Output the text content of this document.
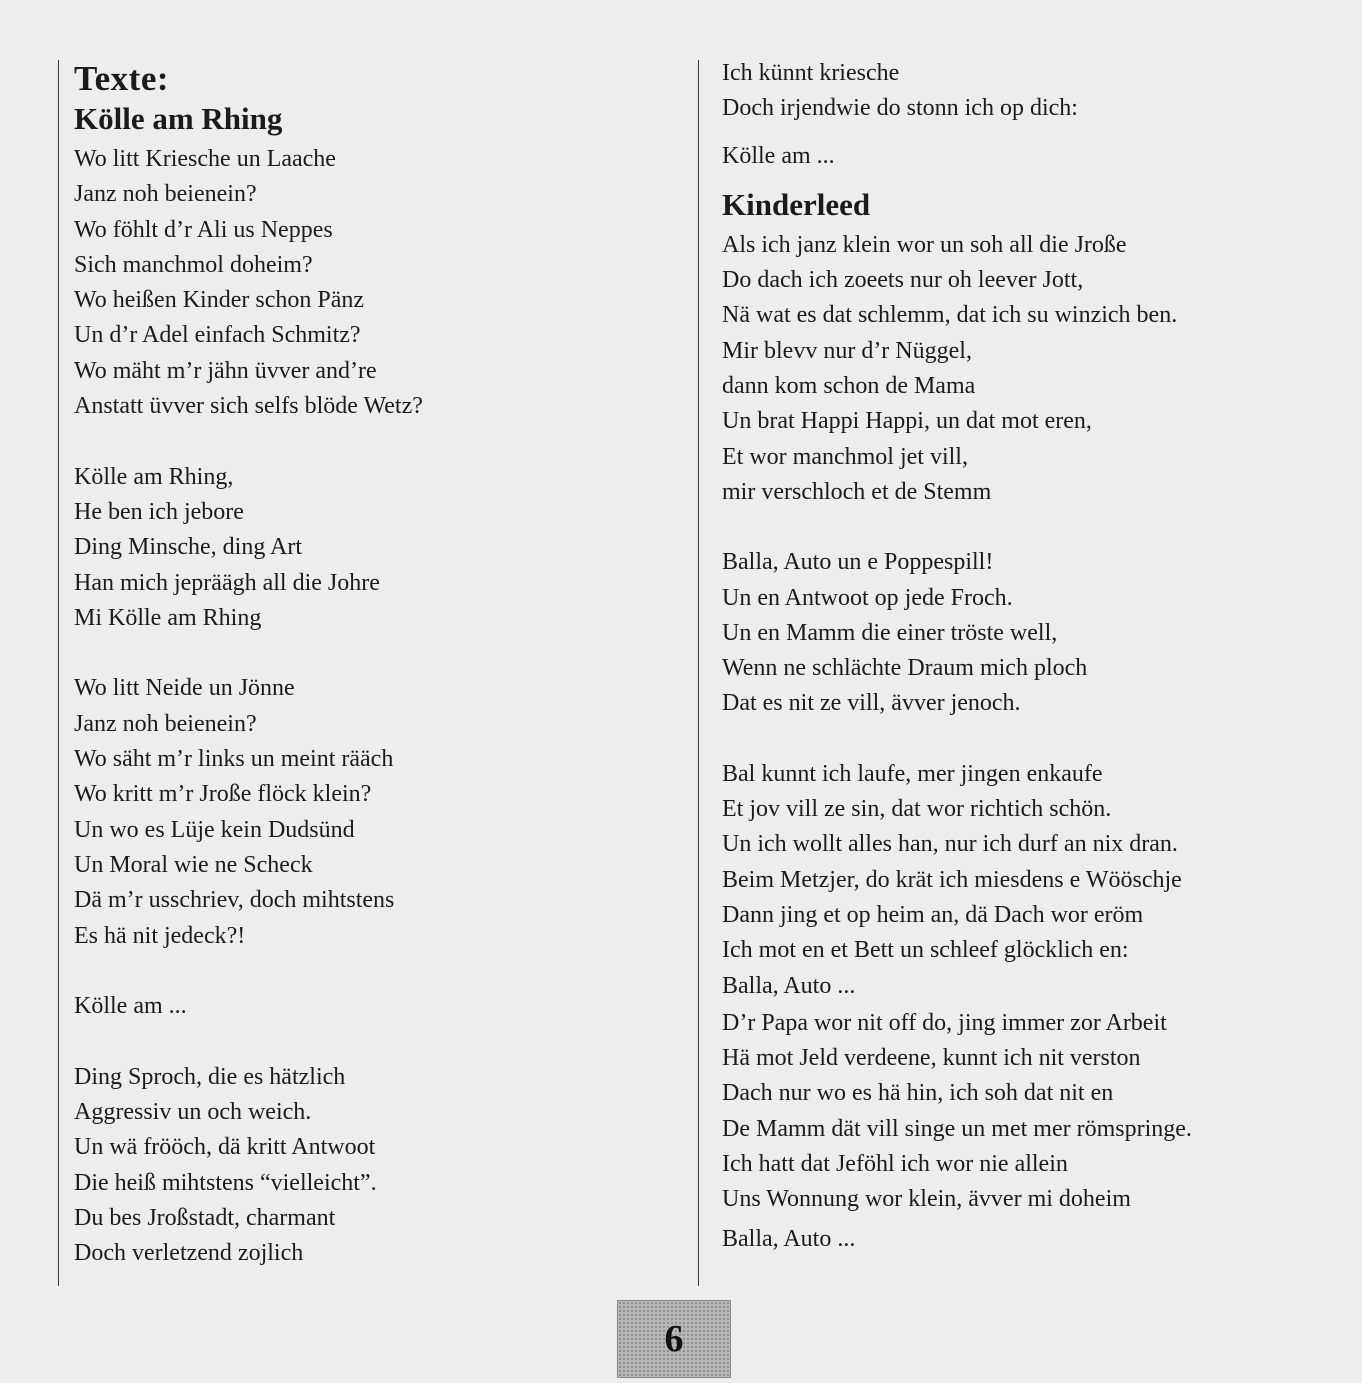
Texte:
Kölle am Rhing
Wo litt Kriesche un Laache
Janz noh beienein?
Wo föhlt d’r Ali us Neppes
Sich manchmol doheim?
Wo heißen Kinder schon Pänz
Un d’r Adel einfach Schmitz?
Wo mäht m’r jähn üvver and’re
Anstatt üvver sich selfs blöde Wetz?

Kölle am Rhing,
He ben ich jebore
Ding Minsche, ding Art
Han mich jepräägh all die Johre
Mi Kölle am Rhing

Wo litt Neide un Jönne
Janz noh beienein?
Wo säht m’r links un meint rääch
Wo kritt m’r Jroße flöck klein?
Un wo es Lüje kein Dudsünd
Un Moral wie ne Scheck
Dä m’r usschriev, doch mihtstens
Es hä nit jedeck?!

Kölle am ...

Ding Sproch, die es hätzlich
Aggressiv un och weich.
Un wä frööch, dä kritt Antwoot
Die heiß mihtstens “vielleicht”.
Du bes Jroßstadt, charmant
Doch verletzend zojlich
Ich künnt kriesche
Doch irjendwie do stonn ich op dich:
Kölle am ...
Kinderleed
Als ich janz klein wor un soh all die Jroße
Do dach ich zoeets nur oh leever Jott,
Nä wat es dat schlemm, dat ich su winzich ben.
Mir blevv nur d’r Nüggel,
dann kom schon de Mama
Un brat Happi Happi, un dat mot eren,
Et wor manchmol jet vill,
mir verschloch et de Stemm
Balla, Auto un e Poppespill!
Un en Antwoot op jede Froch.
Un en Mamm die einer tröste well,
Wenn ne schlächte Draum mich ploch
Dat es nit ze vill, ävver jenoch.
Bal kunnt ich laufe, mer jingen enkaufe
Et jov vill ze sin, dat wor richtich schön.
Un ich wollt alles han, nur ich durf an nix dran.
Beim Metzjer, do krät ich miesdens e Wööschje
Dann jing et op heim an, dä Dach wor eröm
Ich mot en et Bett un schleef glöcklich en:
Balla, Auto ...
D’r Papa wor nit off do, jing immer zor Arbeit
Hä mot Jeld verdeene, kunnt ich nit verston
Dach nur wo es hä hin, ich soh dat nit en
De Mamm dät vill singe un met mer römspringe.
Ich hatt dat Jeföhl ich wor nie allein
Uns Wonnung wor klein, ävver mi doheim
Balla, Auto ...
6
